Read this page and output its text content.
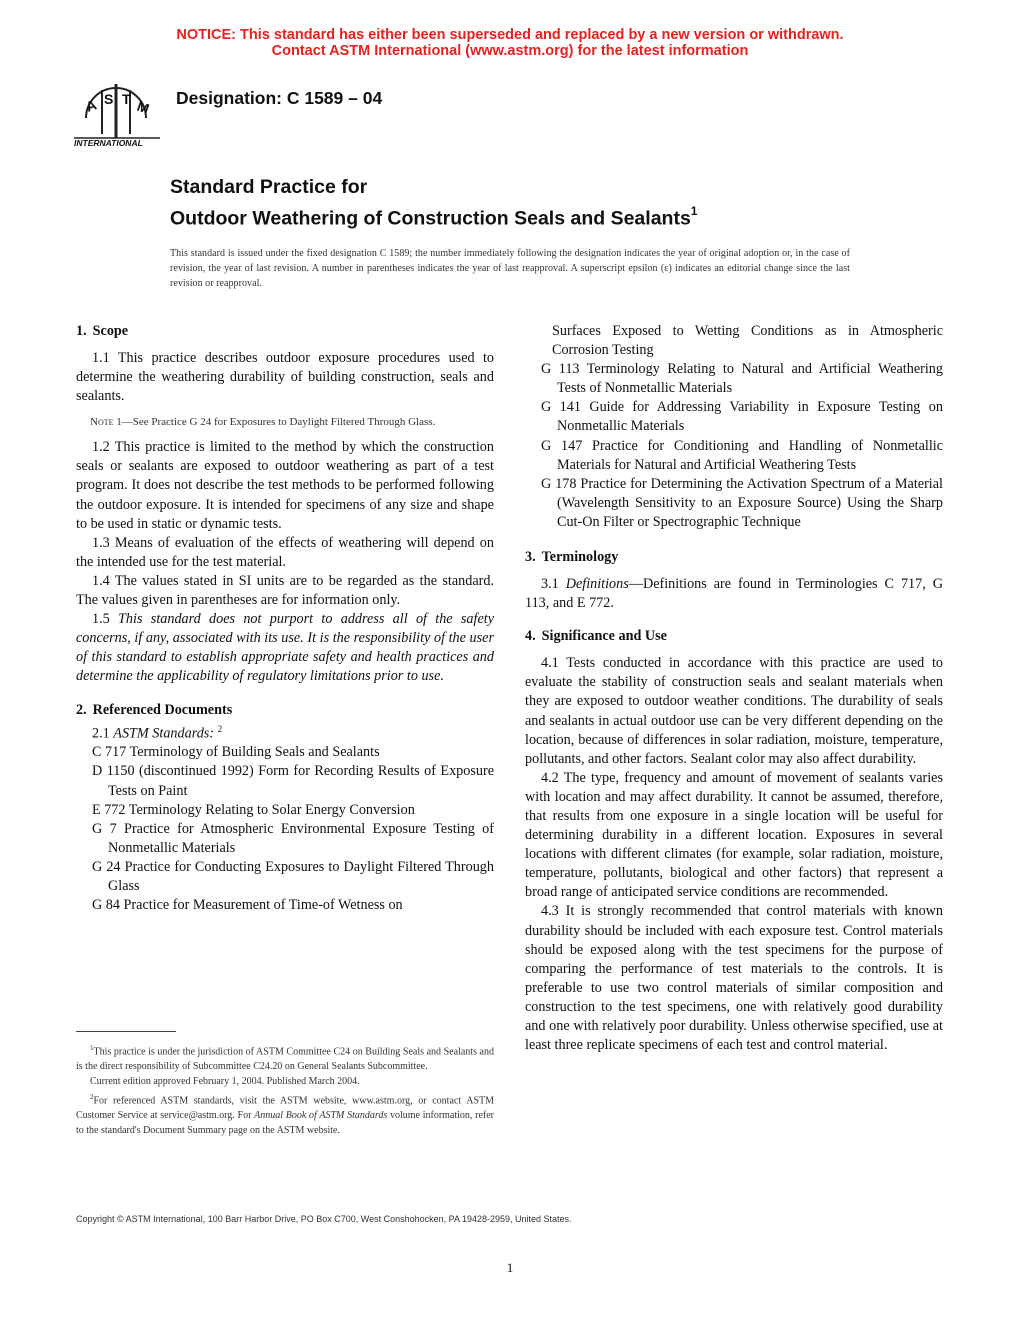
NOTICE: This standard has either been superseded and replaced by a new version or withdrawn.
Contact ASTM International (www.astm.org) for the latest information
A S T M
INTERNATIONAL
Designation: C 1589 – 04
Standard Practice for
Outdoor Weathering of Construction Seals and Sealants$^1$
This standard is issued under the fixed designation C 1589; the number immediately following the designation indicates the year of original adoption or, in the case of revision, the year of last revision. A number in parentheses indicates the year of last reapproval. A superscript epsilon (ε) indicates an editorial change since the last revision or reapproval.
1. Scope

1.1 This practice describes outdoor exposure procedures used to determine the weathering durability of building construction, seals and sealants.

Note 1—See Practice G 24 for Exposures to Daylight Filtered Through Glass.

1.2 This practice is limited to the method by which the construction seals or sealants are exposed to outdoor weathering as part of a test program. It does not describe the test methods to be performed following the outdoor exposure. It is intended for specimens of any size and shape to be used in static or dynamic tests.

1.3 Means of evaluation of the effects of weathering will depend on the intended use for the test material.

1.4 The values stated in SI units are to be regarded as the standard. The values given in parentheses are for information only.

1.5 This standard does not purport to address all of the safety concerns, if any, associated with its use. It is the responsibility of the user of this standard to establish appropriate safety and health practices and determine the applicability of regulatory limitations prior to use.

2. Referenced Documents

2.1 ASTM Standards: $^2$

C 717 Terminology of Building Seals and Sealants

D 1150 (discontinued 1992) Form for Recording Results of Exposure Tests on Paint

E 772 Terminology Relating to Solar Energy Conversion

G 7 Practice for Atmospheric Environmental Exposure Testing of Nonmetallic Materials

G 24 Practice for Conducting Exposures to Daylight Filtered Through Glass

G 84 Practice for Measurement of Time-of Wetness on

$^1$This practice is under the jurisdiction of ASTM Committee C24 on Building Seals and Sealants and is the direct responsibility of Subcommittee C24.20 on General Sealants Subcommittee.

Current edition approved February 1, 2004. Published March 2004.

$^2$For referenced ASTM standards, visit the ASTM website, www.astm.org, or contact ASTM Customer Service at service@astm.org. For Annual Book of ASTM Standards volume information, refer to the standard's Document Summary page on the ASTM website.

Surfaces Exposed to Wetting Conditions as in Atmospheric Corrosion Testing

G 113 Terminology Relating to Natural and Artificial Weathering Tests of Nonmetallic Materials

G 141 Guide for Addressing Variability in Exposure Testing on Nonmetallic Materials

G 147 Practice for Conditioning and Handling of Nonmetallic Materials for Natural and Artificial Weathering Tests

G 178 Practice for Determining the Activation Spectrum of a Material (Wavelength Sensitivity to an Exposure Source) Using the Sharp Cut-On Filter or Spectrographic Technique

3. Terminology

3.1 Definitions—Definitions are found in Terminologies C 717, G 113, and E 772.

4. Significance and Use

4.1 Tests conducted in accordance with this practice are used to evaluate the stability of construction seals and sealant materials when they are exposed to outdoor weather conditions. The durability of seals and sealants in actual outdoor use can be very different depending on the location, because of differences in solar radiation, moisture, temperature, pollutants, and other factors. Sealant color may also affect durability.

4.2 The type, frequency and amount of movement of sealants varies with location and may affect durability. It cannot be assumed, therefore, that results from one exposure in a single location will be useful for determining durability in a different location. Exposures in several locations with different climates (for example, solar radiation, moisture, temperature, pollutants, biological and other factors) that represent a broad range of anticipated service conditions are recommended.

4.3 It is strongly recommended that control materials with known durability should be included with each exposure test. Control materials should be exposed along with the test specimens for the purpose of comparing the performance of test materials to the controls. It is preferable to use two control materials of similar composition and construction to the test specimens, one with relatively good durability and one with relatively poor durability. Unless otherwise specified, use at least three replicate specimens of each test and control material.

Copyright © ASTM International, 100 Barr Harbor Drive, PO Box C700, West Conshohocken, PA 19428-2959, United States.
1
